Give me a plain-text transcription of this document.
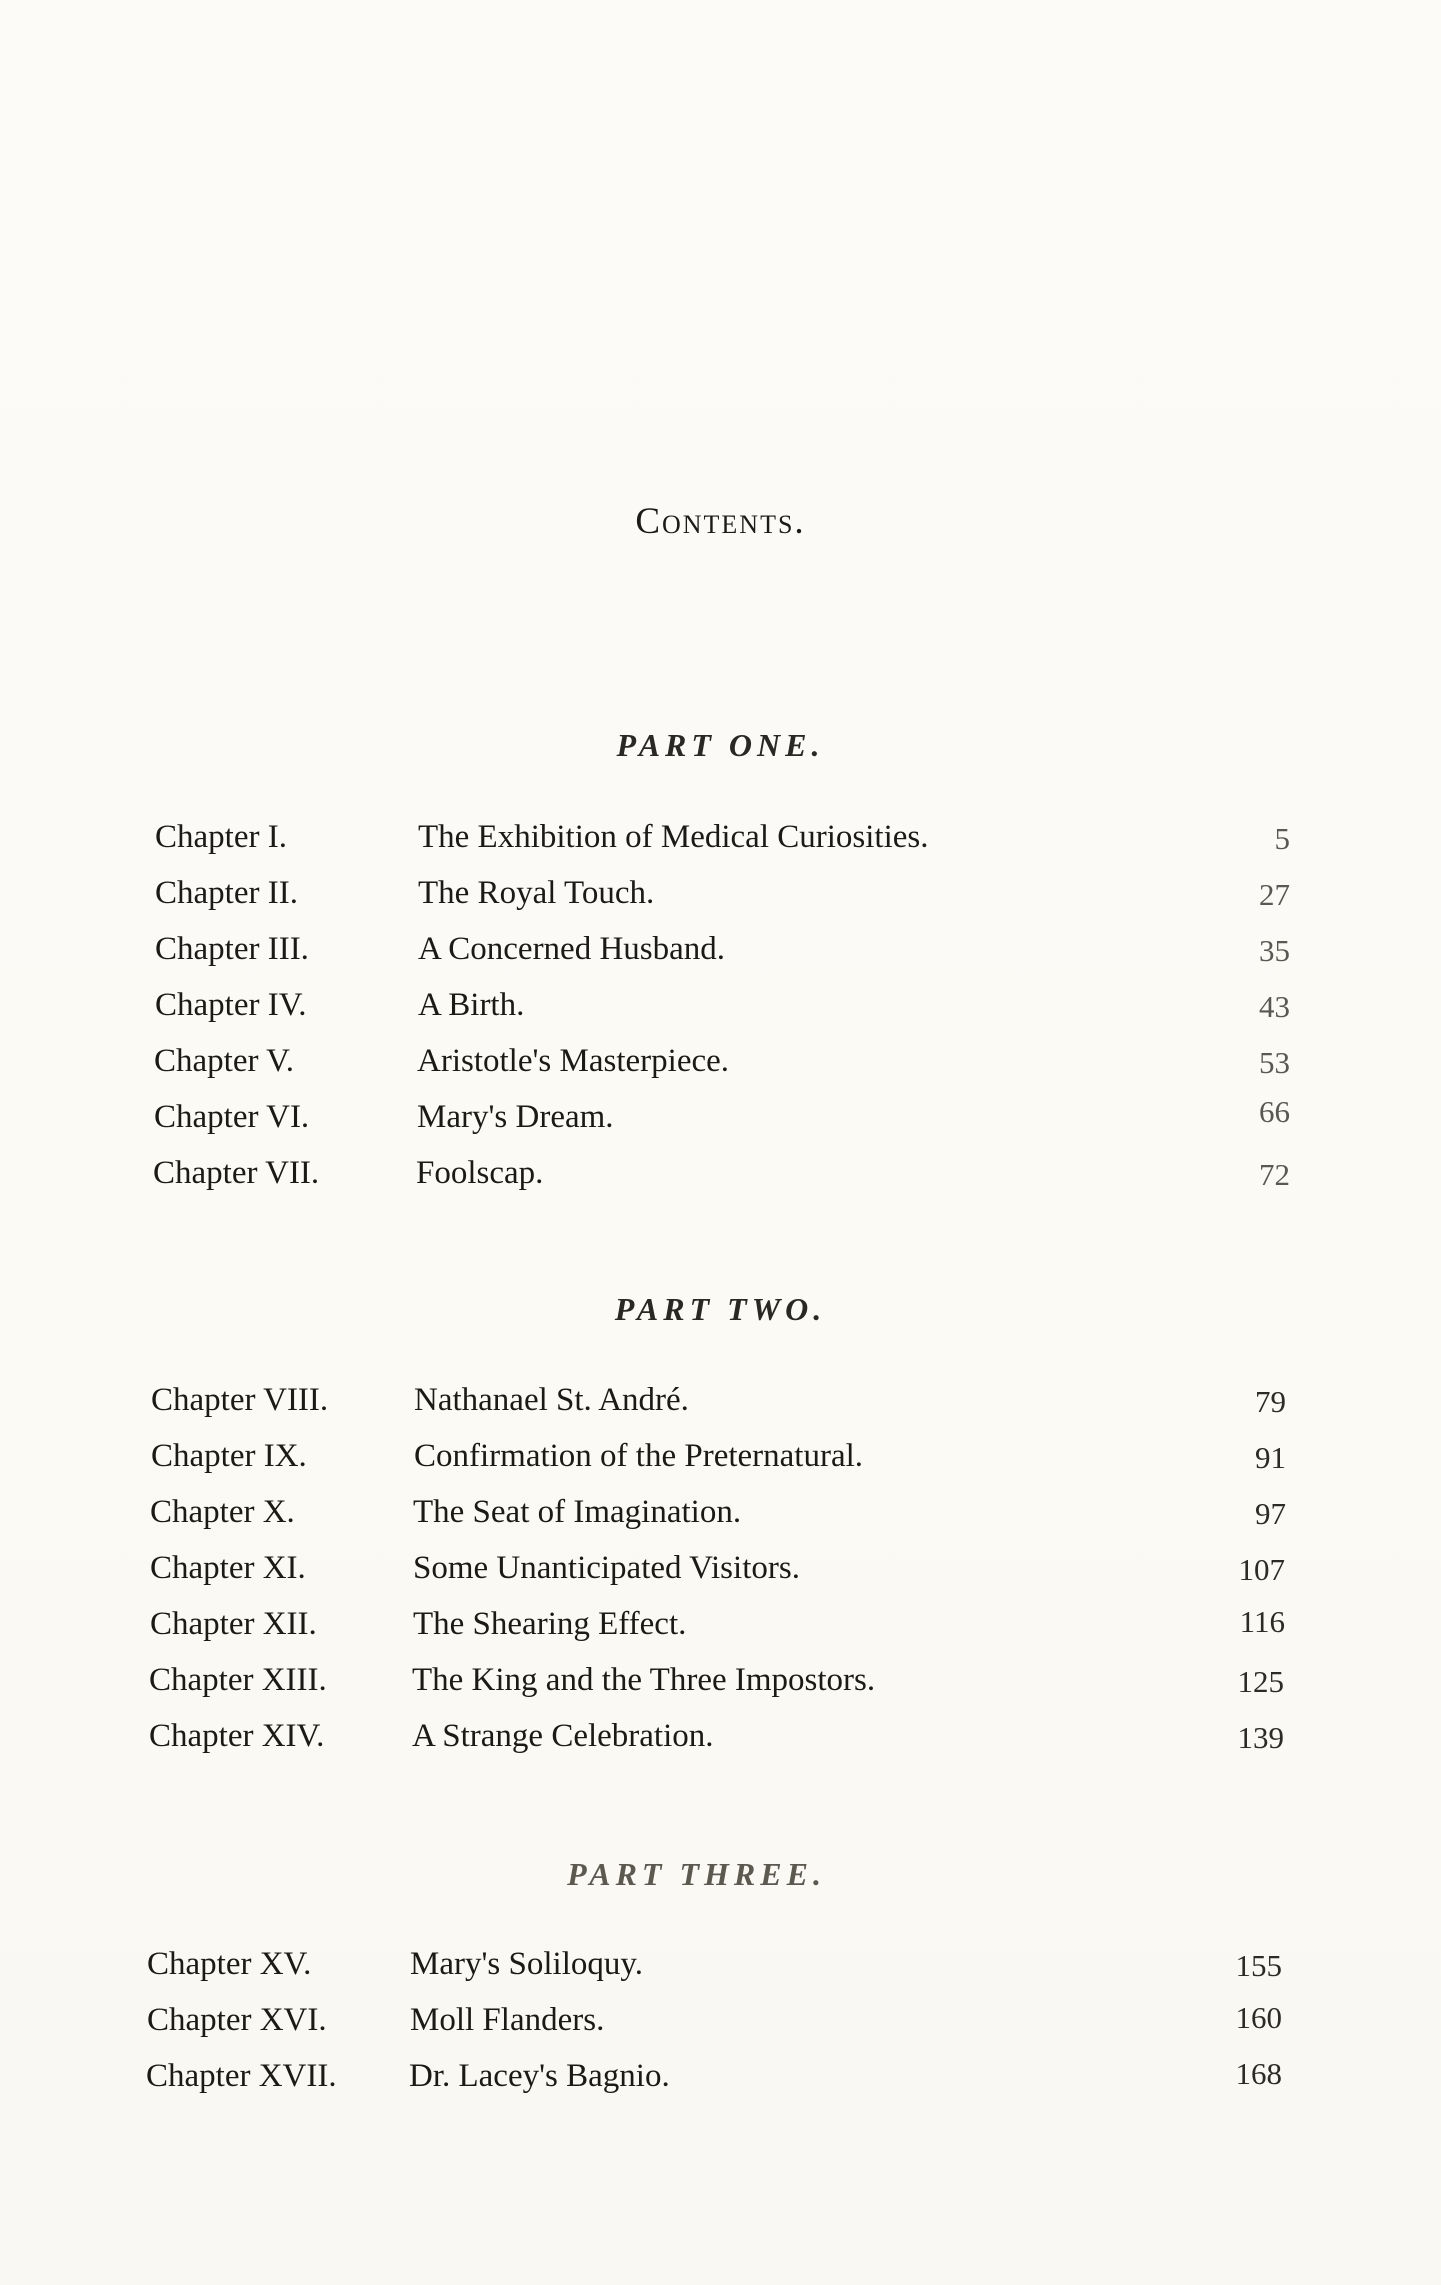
Contents.
PART ONE.
Chapter I.	The Exhibition of Medical Curiosities.	5
Chapter II.	The Royal Touch.	27
Chapter III.	A Concerned Husband.	35
Chapter IV.	A Birth.	43
Chapter V.	Aristotle's Masterpiece.	53
Chapter VI.	Mary's Dream.	66
Chapter VII.	Foolscap.	72
PART TWO.
Chapter VIII.	Nathanael St. André.	79
Chapter IX.	Confirmation of the Preternatural.	91
Chapter X.	The Seat of Imagination.	97
Chapter XI.	Some Unanticipated Visitors.	107
Chapter XII.	The Shearing Effect.	116
Chapter XIII.	The King and the Three Impostors.	125
Chapter XIV.	A Strange Celebration.	139
PART THREE.
Chapter XV.	Mary's Soliloquy.	155
Chapter XVI.	Moll Flanders.	160
Chapter XVII. Dr. Lacey's Bagnio.	168
